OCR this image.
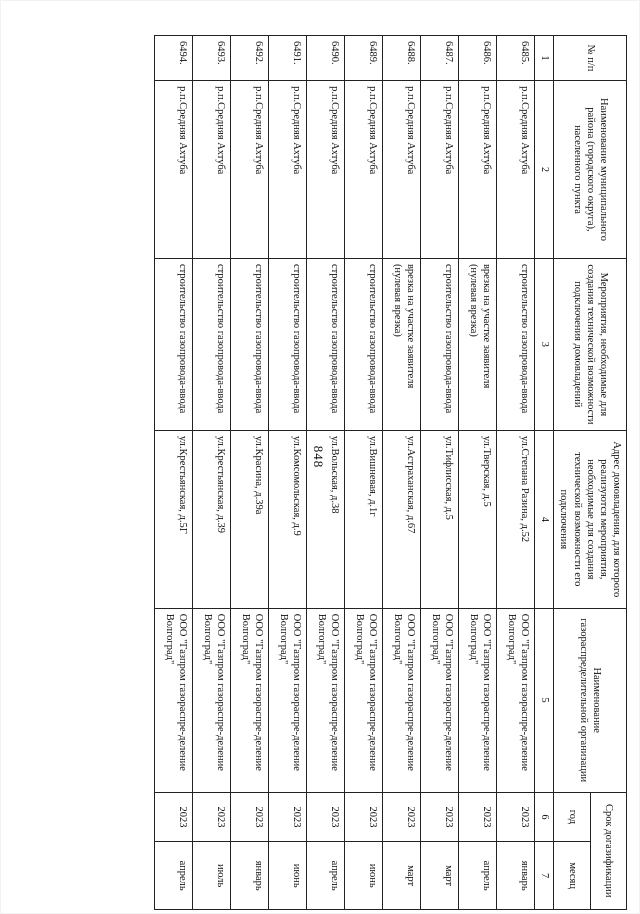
848
№ п/п	Наименование муниципального района (городского округа), населенного пункта	Мероприятия, необходимые для создания технической возможности подключения домовладений	Адрес домовладения, для которого реализуются мероприятия, необходимые для создания технической возможности его подключения	Наименование газораспределительной организации	Срок догазификации	
					год	месяц
1	2	3	4	5	6	7
6485.	р.п.Средняя Ахтуба	строительство газопровода-ввода	ул.Степана Разина, д.52	ООО "Газпром газораспре-деление Волгоград"	2023	январь
6486.	р.п.Средняя Ахтуба	врезка на участке заявителя (нулевая врезка)	ул.Тверская, д.5	ООО "Газпром газораспре-деление Волгоград"	2023	апрель
6487.	р.п.Средняя Ахтуба	строительство газопровода-ввода	ул.Тифлисская, д.5	ООО "Газпром газораспре-деление Волгоград"	2023	март
6488.	р.п.Средняя Ахтуба	врезка на участке заявителя (нулевая врезка)	ул.Астраханская, д.67	ООО "Газпром газораспре-деление Волгоград"	2023	март
6489.	р.п.Средняя Ахтуба	строительство газопровода-ввода	ул.Вишневая, д.1г	ООО "Газпром газораспре-деление Волгоград"	2023	июнь
6490.	р.п.Средняя Ахтуба	строительство газопровода-ввода	ул.Вольская, д.38	ООО "Газпром газораспре-деление Волгоград"	2023	апрель
6491.	р.п.Средняя Ахтуба	строительство газопровода-ввода	ул.Комсомольская, д.9	ООО "Газпром газораспре-деление Волгоград"	2023	июнь
6492.	р.п.Средняя Ахтуба	строительство газопровода-ввода	ул.Красина, д.39а	ООО "Газпром газораспре-деление Волгоград"	2023	январь
6493.	р.п.Средняя Ахтуба	строительство газопровода-ввода	ул.Крестьянская, д.39	ООО "Газпром газораспре-деление Волгоград"	2023	июль
6494.	р.п.Средняя Ахтуба	строительство газопровода-ввода	ул.Крестьянская, д.5Г	ООО "Газпром газораспре-деление Волгоград"	2023	апрель
